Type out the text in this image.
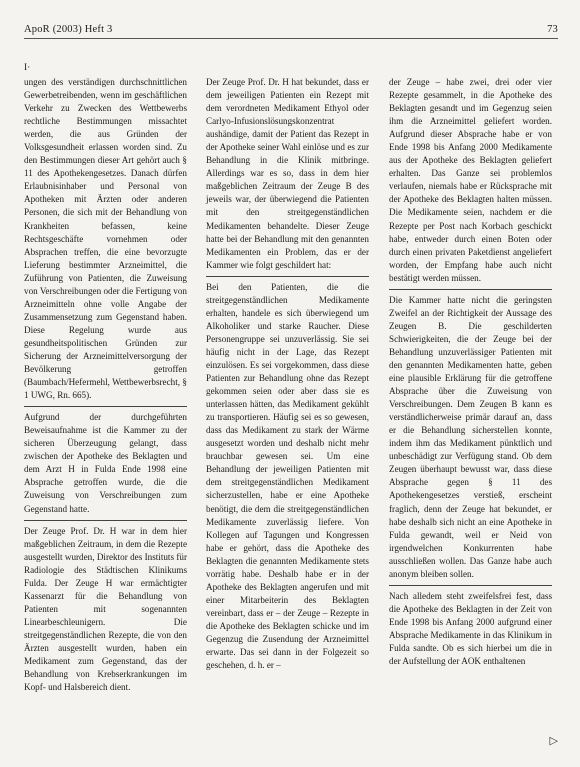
ApoR (2003) Heft 3	73
I·

ungen des verständigen durchschnittlichen Gewerbetreibenden, wenn im geschäftlichen Verkehr zu Zwecken des Wettbewerbs rechtliche Bestimmungen missachtet werden, die aus Gründen der Volksgesundheit erlassen worden sind. Zu den Bestimmungen dieser Art gehört auch § 11 des Apothekengesetzes. Danach dürfen Erlaubnisinhaber und Personal von Apotheken mit Ärzten oder anderen Personen, die sich mit der Behandlung von Krankheiten befassen, keine Rechtsgeschäfte vornehmen oder Absprachen treffen, die eine bevorzugte Lieferung bestimmter Arzneimittel, die Zuführung von Patienten, die Zuweisung von Verschreibungen oder die Fertigung von Arzneimitteln ohne volle Angabe der Zusammensetzung zum Gegenstand haben. Diese Regelung wurde aus gesundheitspolitischen Gründen zur Sicherung der Arzneimittelversorgung der Bevölkerung getroffen (Baumbach/Hefermehl, Wettbewerbsrecht, § 1 UWG, Rn. 665).

Aufgrund der durchgeführten Beweisaufnahme ist die Kammer zu der sicheren Überzeugung gelangt, dass zwischen der Apotheke des Beklagten und dem Arzt H in Fulda Ende 1998 eine Absprache getroffen wurde, die die Zuweisung von Verschreibungen zum Gegenstand hatte.

Der Zeuge Prof. Dr. H war in dem hier maßgeblichen Zeitraum, in dem die Rezepte ausgestellt wurden, Direktor des Instituts für Radiologie des Städtischen Klinikums Fulda. Der Zeuge H war ermächtigter Kassenarzt für die Behandlung von Patienten mit sogenannten Linearbeschleunigern. Die streitgegenständlichen Rezepte, die von den Ärzten ausgestellt wurden, haben ein Medikament zum Gegenstand, das der Behandlung von Krebserkrankungen im Kopf- und Halsbereich dient.

Der Zeuge Prof. Dr. H hat bekundet, dass er dem jeweiligen Patienten ein Rezept mit dem verordneten Medikament Ethyol oder Carlyo-Infusionslösungskonzentrat aushändige, damit der Patient das Rezept in der Apotheke seiner Wahl einlöse und es zur Behandlung in die Klinik mitbringe. Allerdings war es so, dass in dem hier maßgeblichen Zeitraum der Zeuge B des jeweils war, der überwiegend die Patienten mit den streitgegenständlichen Medikamenten behandelte. Dieser Zeuge hatte bei der Behandlung mit den genannten Medikamenten ein Problem, das er der Kammer wie folgt geschildert hat:

Bei den Patienten, die die streitgegenständlichen Medikamente erhalten, handele es sich überwiegend um Alkoholiker und starke Raucher. Diese Personengruppe sei unzuverlässig. Sie sei häufig nicht in der Lage, das Rezept einzulösen. Es sei vorgekommen, dass diese Patienten zur Behandlung ohne das Rezept gekommen seien oder aber dass sie es unterlassen hätten, das Medikament gekühlt zu transportieren. Häufig sei es so gewesen, dass das Medikament zu stark der Wärme ausgesetzt worden und deshalb nicht mehr brauchbar gewesen sei. Um eine Behandlung der jeweiligen Patienten mit dem streitgegenständlichen Medikament sicherzustellen, habe er eine Apotheke benötigt, die dem die streitgegenständlichen Medikamente zuverlässig liefere. Von Kollegen auf Tagungen und Kongressen habe er gehört, dass die Apotheke des Beklagten die genannten Medikamente stets vorrätig habe. Deshalb habe er in der Apotheke des Beklagten angerufen und mit einer Mitarbeiterin des Beklagten vereinbart, dass er – der Zeuge – Rezepte in die Apotheke des Beklagten schicke und im Gegenzug die Zusendung der Arzneimittel erwarte. Das sei dann in der Folgezeit so geschehen, d. h. er –

der Zeuge – habe zwei, drei oder vier Rezepte gesammelt, in die Apotheke des Beklagten gesandt und im Gegenzug seien ihm die Arzneimittel geliefert worden. Aufgrund dieser Absprache habe er von Ende 1998 bis Anfang 2000 Medikamente aus der Apotheke des Beklagten geliefert erhalten. Das Ganze sei problemlos verlaufen, niemals habe er Rücksprache mit der Apotheke des Beklagten halten müssen. Die Medikamente seien, nachdem er die Rezepte per Post nach Korbach geschickt habe, entweder durch einen Boten oder durch einen privaten Paketdienst angeliefert worden, der Empfang habe auch nicht bestätigt werden müssen.

Die Kammer hatte nicht die geringsten Zweifel an der Richtigkeit der Aussage des Zeugen B. Die geschilderten Schwierigkeiten, die der Zeuge bei der Behandlung unzuverlässiger Patienten mit den genannten Medikamenten hatte, geben eine plausible Erklärung für die getroffene Absprache über die Zuweisung von Verschreibungen. Dem Zeugen B kann es verständlicherweise primär darauf an, dass er die Behandlung sicherstellen konnte, indem ihm das Medikament pünktlich und unbeschädigt zur Verfügung stand. Ob dem Zeugen überhaupt bewusst war, dass diese Absprache gegen § 11 des Apothekengesetzes verstieß, erscheint fraglich, denn der Zeuge hat bekundet, er habe deshalb sich nicht an eine Apotheke in Fulda gewandt, weil er Neid von irgendwelchen Konkurrenten habe ausschließen wollen. Das Ganze habe auch anonym bleiben sollen.

Nach alledem steht zweifelsfrei fest, dass die Apotheke des Beklagten in der Zeit von Ende 1998 bis Anfang 2000 aufgrund einer Absprache Medikamente in das Klinikum in Fulda sandte. Ob es sich hierbei um die in der Aufstellung der AOK enthaltenen

▷
